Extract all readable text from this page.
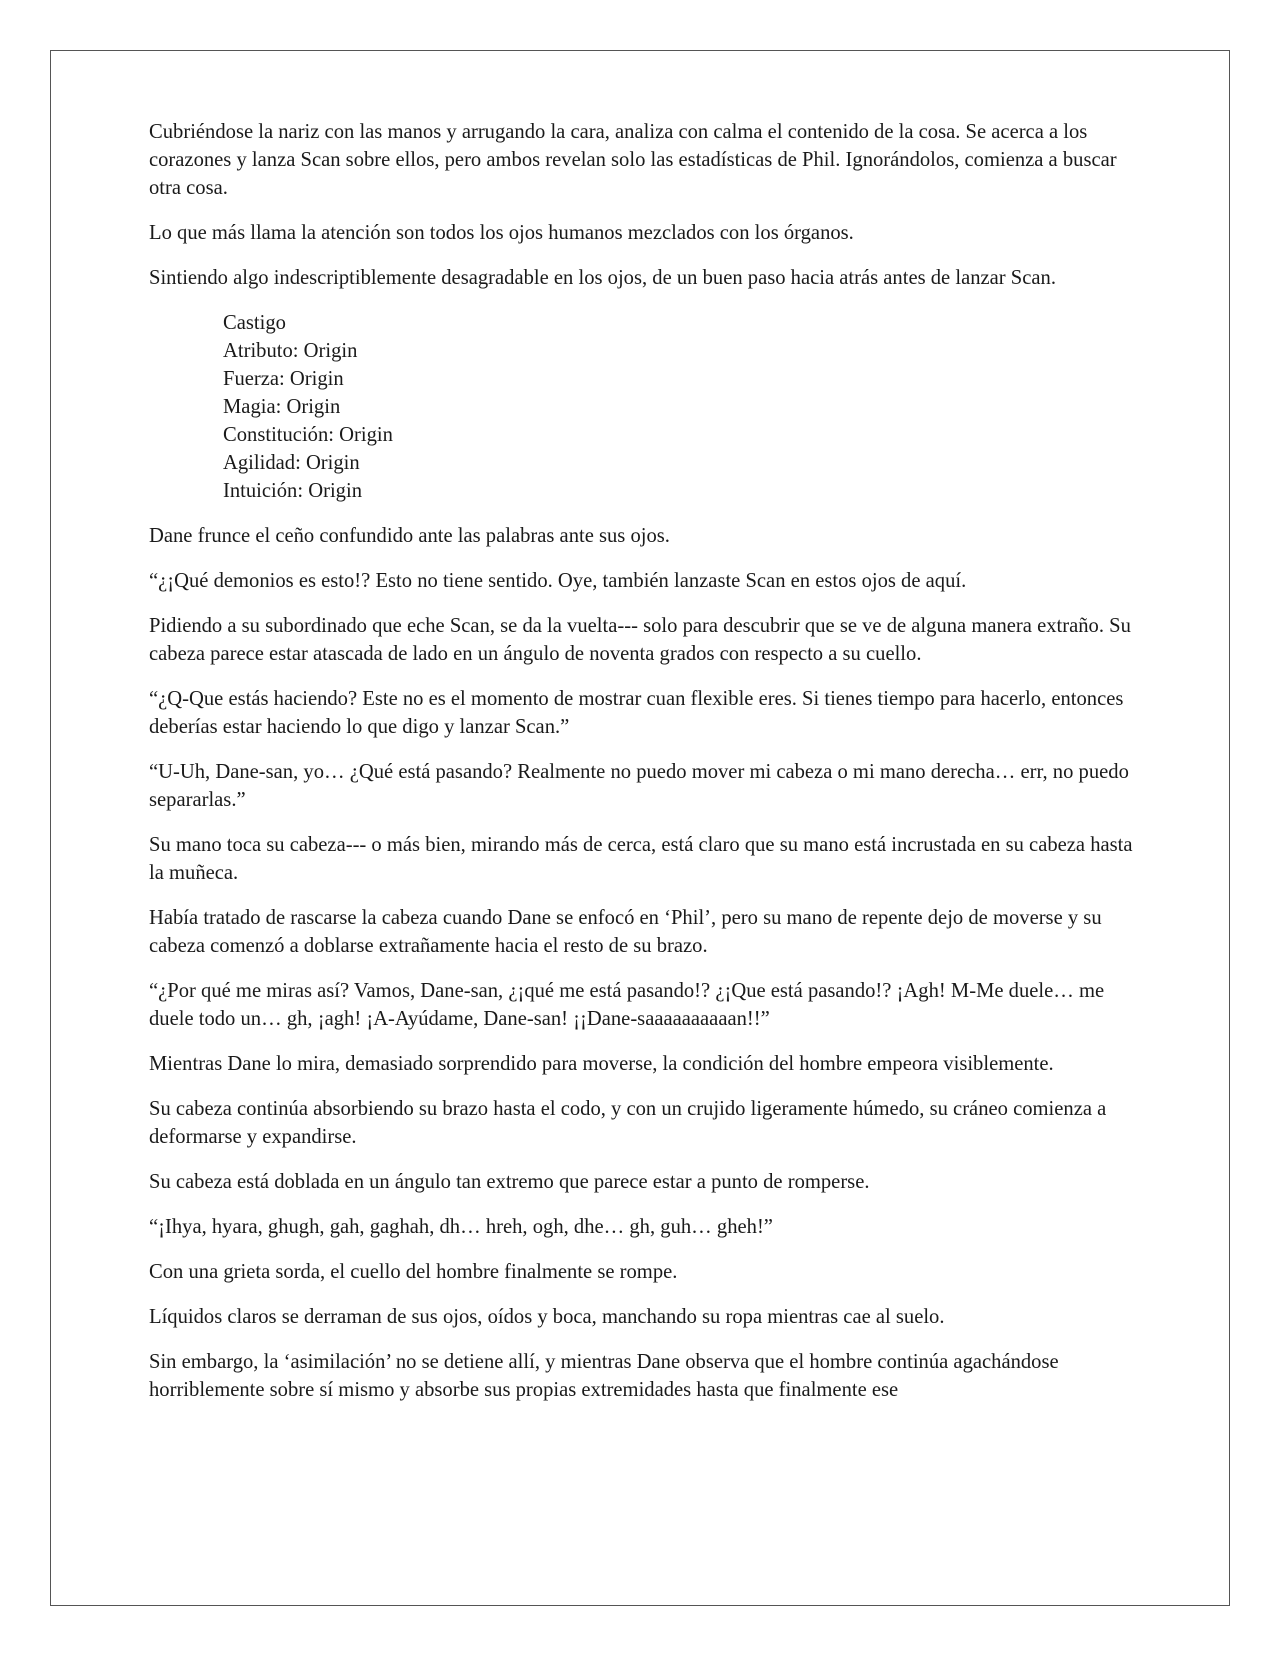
Cubriéndose la nariz con las manos y arrugando la cara, analiza con calma el contenido de la cosa. Se acerca a los corazones y lanza Scan sobre ellos, pero ambos revelan solo las estadísticas de Phil. Ignorándolos, comienza a buscar otra cosa.

Lo que más llama la atención son todos los ojos humanos mezclados con los órganos.

Sintiendo algo indescriptiblemente desagradable en los ojos, de un buen paso hacia atrás antes de lanzar Scan.

Castigo
Atributo: Origin
Fuerza: Origin
Magia: Origin
Constitución: Origin
Agilidad: Origin
Intuición: Origin

Dane frunce el ceño confundido ante las palabras ante sus ojos.

“¿¡Qué demonios es esto!? Esto no tiene sentido. Oye, también lanzaste Scan en estos ojos de aquí.

Pidiendo a su subordinado que eche Scan, se da la vuelta--- solo para descubrir que se ve de alguna manera extraño. Su cabeza parece estar atascada de lado en un ángulo de noventa grados con respecto a su cuello.

“¿Q-Que estás haciendo? Este no es el momento de mostrar cuan flexible eres. Si tienes tiempo para hacerlo, entonces deberías estar haciendo lo que digo y lanzar Scan.”

“U-Uh, Dane-san, yo… ¿Qué está pasando? Realmente no puedo mover mi cabeza o mi mano derecha… err, no puedo separarlas.”

Su mano toca su cabeza--- o más bien, mirando más de cerca, está claro que su mano está incrustada en su cabeza hasta la muñeca.

Había tratado de rascarse la cabeza cuando Dane se enfocó en ‘Phil’, pero su mano de repente dejo de moverse y su cabeza comenzó a doblarse extrañamente hacia el resto de su brazo.

“¿Por qué me miras así? Vamos, Dane-san, ¿¡qué me está pasando!? ¿¡Que está pasando!? ¡Agh! M-Me duele… me duele todo un… gh, ¡agh! ¡A-Ayúdame, Dane-san! ¡¡Dane-saaaaaaaaaan!!”

Mientras Dane lo mira, demasiado sorprendido para moverse, la condición del hombre empeora visiblemente.

Su cabeza continúa absorbiendo su brazo hasta el codo, y con un crujido ligeramente húmedo, su cráneo comienza a deformarse y expandirse.

Su cabeza está doblada en un ángulo tan extremo que parece estar a punto de romperse.

“¡Ihya, hyara, ghugh, gah, gaghah, dh… hreh, ogh, dhe… gh, guh… gheh!”

Con una grieta sorda, el cuello del hombre finalmente se rompe.

Líquidos claros se derraman de sus ojos, oídos y boca, manchando su ropa mientras cae al suelo.

Sin embargo, la ‘asimilación’ no se detiene allí, y mientras Dane observa que el hombre continúa agachándose horriblemente sobre sí mismo y absorbe sus propias extremidades hasta que finalmente ese
